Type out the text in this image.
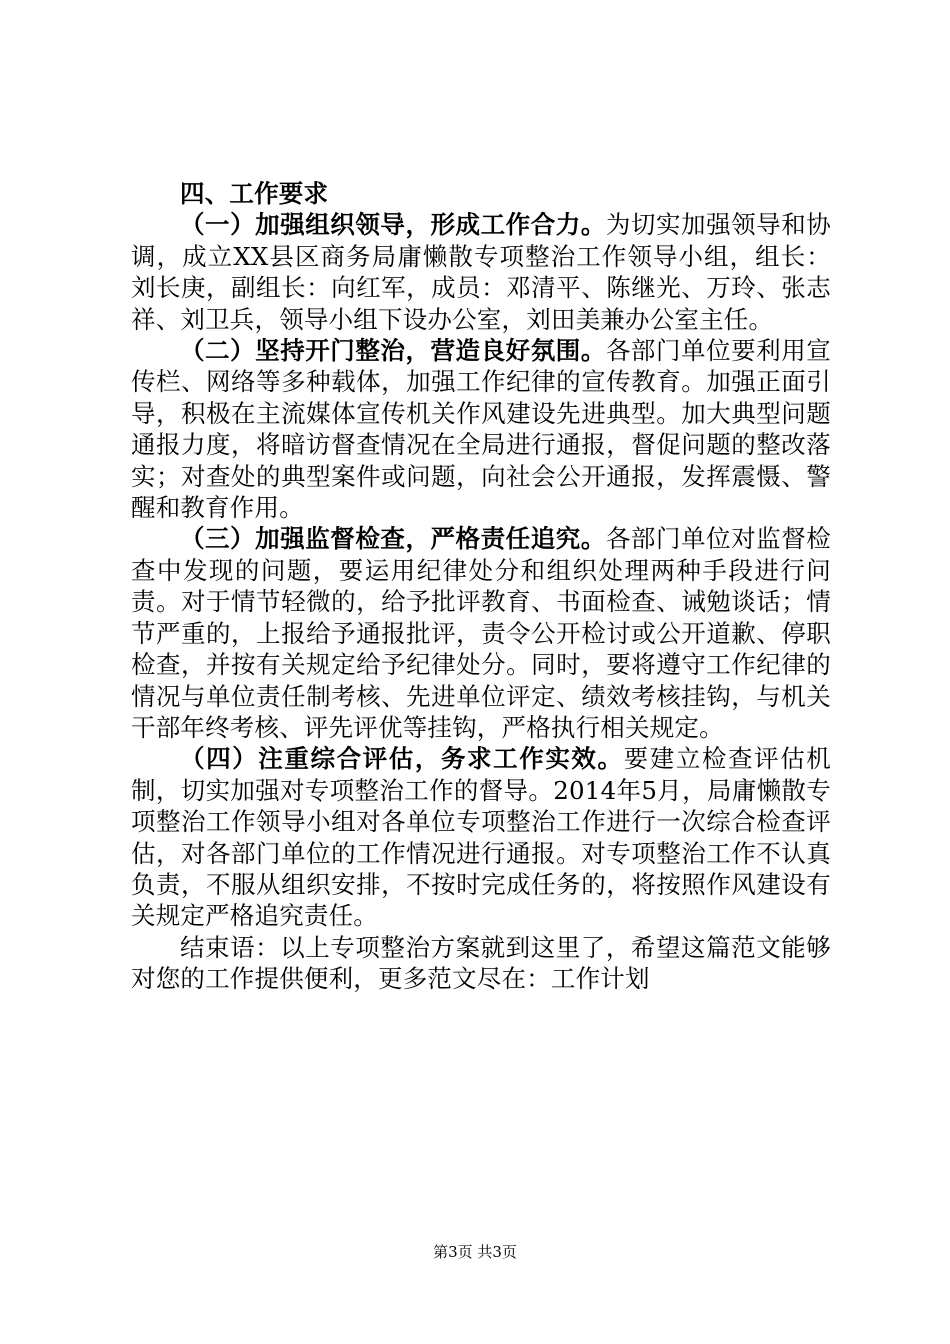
四、工作要求

（一）加强组织领导，形成工作合力。为切实加强领导和协调，成立XX县区商务局庸懒散专项整治工作领导小组，组长：刘长庚，副组长：向红军，成员：邓清平、陈继光、万玲、张志祥、刘卫兵，领导小组下设办公室，刘田美兼办公室主任。

（二）坚持开门整治，营造良好氛围。各部门单位要利用宣传栏、网络等多种载体，加强工作纪律的宣传教育。加强正面引导，积极在主流媒体宣传机关作风建设先进典型。加大典型问题通报力度，将暗访督查情况在全局进行通报，督促问题的整改落实；对查处的典型案件或问题，向社会公开通报，发挥震慑、警醒和教育作用。

（三）加强监督检查，严格责任追究。各部门单位对监督检查中发现的问题，要运用纪律处分和组织处理两种手段进行问责。对于情节轻微的，给予批评教育、书面检查、诫勉谈话；情节严重的，上报给予通报批评，责令公开检讨或公开道歉、停职检查，并按有关规定给予纪律处分。同时，要将遵守工作纪律的情况与单位责任制考核、先进单位评定、绩效考核挂钩，与机关干部年终考核、评先评优等挂钩，严格执行相关规定。

（四）注重综合评估，务求工作实效。要建立检查评估机制，切实加强对专项整治工作的督导。2014年5月，局庸懒散专项整治工作领导小组对各单位专项整治工作进行一次综合检查评估，对各部门单位的工作情况进行通报。对专项整治工作不认真负责，不服从组织安排，不按时完成任务的，将按照作风建设有关规定严格追究责任。

结束语：以上专项整治方案就到这里了，希望这篇范文能够对您的工作提供便利，更多范文尽在：工作计划

第3页 共3页
